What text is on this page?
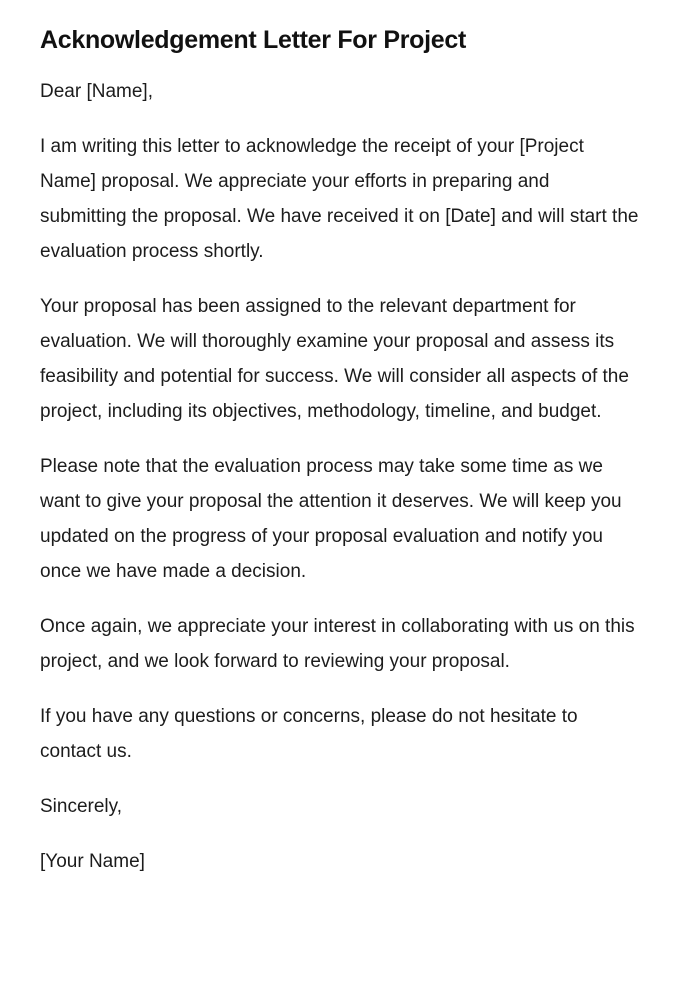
Acknowledgement Letter For Project

Dear [Name],

I am writing this letter to acknowledge the receipt of your [Project Name] proposal. We appreciate your efforts in preparing and submitting the proposal. We have received it on [Date] and will start the evaluation process shortly.

Your proposal has been assigned to the relevant department for evaluation. We will thoroughly examine your proposal and assess its feasibility and potential for success. We will consider all aspects of the project, including its objectives, methodology, timeline, and budget.

Please note that the evaluation process may take some time as we want to give your proposal the attention it deserves. We will keep you updated on the progress of your proposal evaluation and notify you once we have made a decision.

Once again, we appreciate your interest in collaborating with us on this project, and we look forward to reviewing your proposal.

If you have any questions or concerns, please do not hesitate to contact us.

Sincerely,

[Your Name]
